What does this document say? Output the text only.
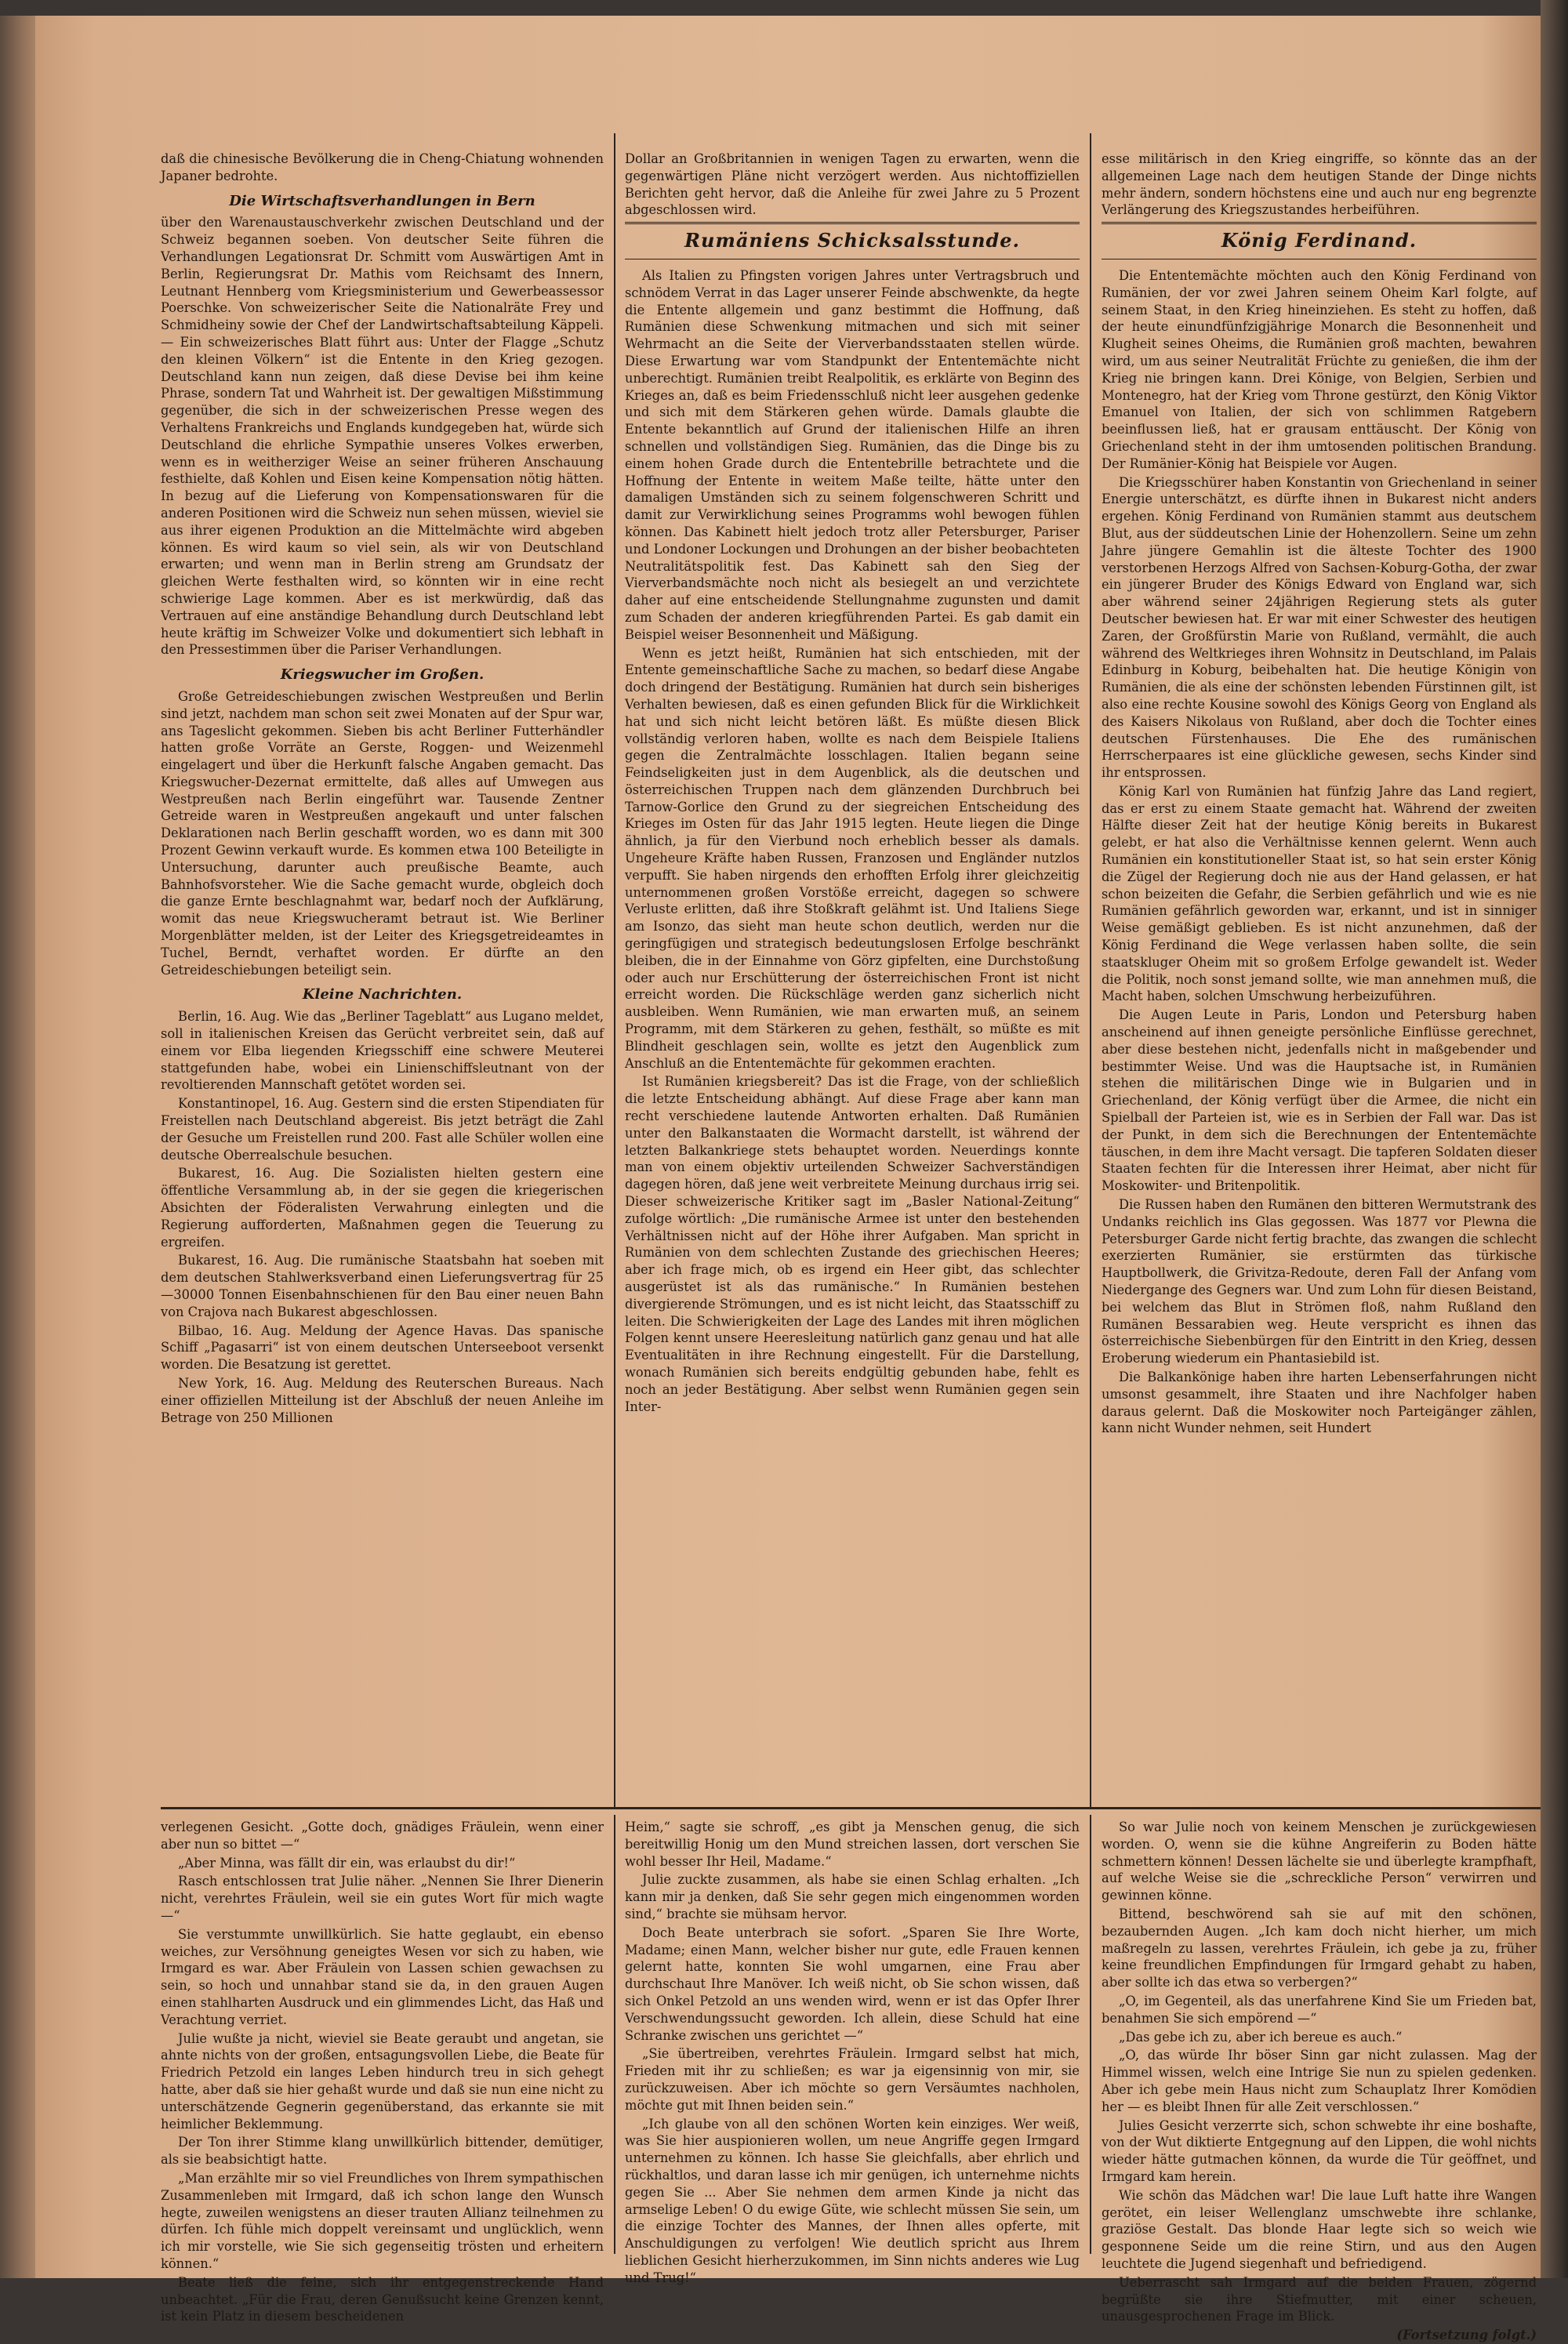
daß die chinesische Bevölkerung die in Cheng-Chiatung wohnenden Japaner bedrohte.

Die Wirtschaftsverhandlungen in Bern

über den Warenaustauschverkehr zwischen Deutschland und der Schweiz begannen soeben. Von deutscher Seite führen die Verhandlungen Legationsrat Dr. Schmitt vom Auswärtigen Amt in Berlin, Regierungsrat Dr. Mathis vom Reichsamt des Innern, Leutnant Hennberg vom Kriegsministerium und Gewerbeassessor Poerschke. Von schweizerischer Seite die Nationalräte Frey und Schmidheiny sowie der Chef der Landwirtschaftsabteilung Käppeli. — Ein schweizerisches Blatt führt aus: Unter der Flagge „Schutz den kleinen Völkern“ ist die Entente in den Krieg gezogen. Deutschland kann nun zeigen, daß diese Devise bei ihm keine Phrase, sondern Tat und Wahrheit ist. Der gewaltigen Mißstimmung gegenüber, die sich in der schweizerischen Presse wegen des Verhaltens Frankreichs und Englands kundgegeben hat, würde sich Deutschland die ehrliche Sympathie unseres Volkes erwerben, wenn es in weitherziger Weise an seiner früheren Anschauung festhielte, daß Kohlen und Eisen keine Kompensation nötig hätten. In bezug auf die Lieferung von Kompensationswaren für die anderen Positionen wird die Schweiz nun sehen müssen, wieviel sie aus ihrer eigenen Produktion an die Mittelmächte wird abgeben können. Es wird kaum so viel sein, als wir von Deutschland erwarten; und wenn man in Berlin streng am Grundsatz der gleichen Werte festhalten wird, so könnten wir in eine recht schwierige Lage kommen. Aber es ist merkwürdig, daß das Vertrauen auf eine anständige Behandlung durch Deutschland lebt heute kräftig im Schweizer Volke und dokumentiert sich lebhaft in den Pressestimmen über die Pariser Verhandlungen.

Kriegswucher im Großen.

Große Getreideschiebungen zwischen Westpreußen und Berlin sind jetzt, nachdem man schon seit zwei Monaten auf der Spur war, ans Tageslicht gekommen. Sieben bis acht Berliner Futterhändler hatten große Vorräte an Gerste, Roggen- und Weizenmehl eingelagert und über die Herkunft falsche Angaben gemacht. Das Kriegswucher-Dezernat ermittelte, daß alles auf Umwegen aus Westpreußen nach Berlin eingeführt war. Tausende Zentner Getreide waren in Westpreußen angekauft und unter falschen Deklarationen nach Berlin geschafft worden, wo es dann mit 300 Prozent Gewinn verkauft wurde. Es kommen etwa 100 Beteiligte in Untersuchung, darunter auch preußische Beamte, auch Bahnhofsvorsteher. Wie die Sache gemacht wurde, obgleich doch die ganze Ernte beschlagnahmt war, bedarf noch der Aufklärung, womit das neue Kriegswucheramt betraut ist. Wie Berliner Morgenblätter melden, ist der Leiter des Kriegsgetreideamtes in Tuchel, Berndt, verhaftet worden. Er dürfte an den Getreideschiebungen beteiligt sein.

Kleine Nachrichten.

Berlin, 16. Aug. Wie das „Berliner Tageblatt“ aus Lugano meldet, soll in italienischen Kreisen das Gerücht verbreitet sein, daß auf einem vor Elba liegenden Kriegsschiff eine schwere Meuterei stattgefunden habe, wobei ein Linienschiffsleutnant von der revoltierenden Mannschaft getötet worden sei.

Konstantinopel, 16. Aug. Gestern sind die ersten Stipendiaten für Freistellen nach Deutschland abgereist. Bis jetzt beträgt die Zahl der Gesuche um Freistellen rund 200. Fast alle Schüler wollen eine deutsche Oberrealschule besuchen.

Bukarest, 16. Aug. Die Sozialisten hielten gestern eine öffentliche Versammlung ab, in der sie gegen die kriegerischen Absichten der Föderalisten Verwahrung einlegten und die Regierung aufforderten, Maßnahmen gegen die Teuerung zu ergreifen.

Bukarest, 16. Aug. Die rumänische Staatsbahn hat soeben mit dem deutschen Stahlwerksverband einen Lieferungsvertrag für 25—30000 Tonnen Eisenbahnschienen für den Bau einer neuen Bahn von Crajova nach Bukarest abgeschlossen.

Bilbao, 16. Aug. Meldung der Agence Havas. Das spanische Schiff „Pagasarri“ ist von einem deutschen Unterseeboot versenkt worden. Die Besatzung ist gerettet.

New York, 16. Aug. Meldung des Reuterschen Bureaus. Nach einer offiziellen Mitteilung ist der Abschluß der neuen Anleihe im Betrage von 250 Millionen

Dollar an Großbritannien in wenigen Tagen zu erwarten, wenn die gegenwärtigen Pläne nicht verzögert werden. Aus nichtoffiziellen Berichten geht hervor, daß die Anleihe für zwei Jahre zu 5 Prozent abgeschlossen wird.

Rumäniens Schicksalsstunde.

Als Italien zu Pfingsten vorigen Jahres unter Vertragsbruch und schnödem Verrat in das Lager unserer Feinde abschwenkte, da hegte die Entente allgemein und ganz bestimmt die Hoffnung, daß Rumänien diese Schwenkung mitmachen und sich mit seiner Wehrmacht an die Seite der Vierverbandsstaaten stellen würde. Diese Erwartung war vom Standpunkt der Ententemächte nicht unberechtigt. Rumänien treibt Realpolitik, es erklärte von Beginn des Krieges an, daß es beim Friedensschluß nicht leer ausgehen gedenke und sich mit dem Stärkeren gehen würde. Damals glaubte die Entente bekanntlich auf Grund der italienischen Hilfe an ihren schnellen und vollständigen Sieg. Rumänien, das die Dinge bis zu einem hohen Grade durch die Ententebrille betrachtete und die Hoffnung der Entente in weitem Maße teilte, hätte unter den damaligen Umständen sich zu seinem folgenschweren Schritt und damit zur Verwirklichung seines Programms wohl bewogen fühlen können. Das Kabinett hielt jedoch trotz aller Petersburger, Pariser und Londoner Lockungen und Drohungen an der bisher beobachteten Neutralitätspolitik fest. Das Kabinett sah den Sieg der Vierverbandsmächte noch nicht als besiegelt an und verzichtete daher auf eine entscheidende Stellungnahme zugunsten und damit zum Schaden der anderen kriegführenden Partei. Es gab damit ein Beispiel weiser Besonnenheit und Mäßigung.

Wenn es jetzt heißt, Rumänien hat sich entschieden, mit der Entente gemeinschaftliche Sache zu machen, so bedarf diese Angabe doch dringend der Bestätigung. Rumänien hat durch sein bisheriges Verhalten bewiesen, daß es einen gefunden Blick für die Wirklichkeit hat und sich nicht leicht betören läßt. Es müßte diesen Blick vollständig verloren haben, wollte es nach dem Beispiele Italiens gegen die Zentralmächte losschlagen. Italien begann seine Feindseligkeiten just in dem Augenblick, als die deutschen und österreichischen Truppen nach dem glänzenden Durchbruch bei Tarnow-Gorlice den Grund zu der siegreichen Entscheidung des Krieges im Osten für das Jahr 1915 legten. Heute liegen die Dinge ähnlich, ja für den Vierbund noch erheblich besser als damals. Ungeheure Kräfte haben Russen, Franzosen und Engländer nutzlos verpufft. Sie haben nirgends den erhofften Erfolg ihrer gleichzeitig unternommenen großen Vorstöße erreicht, dagegen so schwere Verluste erlitten, daß ihre Stoßkraft gelähmt ist. Und Italiens Siege am Isonzo, das sieht man heute schon deutlich, werden nur die geringfügigen und strategisch bedeutungslosen Erfolge beschränkt bleiben, die in der Einnahme von Görz gipfelten, eine Durchstoßung oder auch nur Erschütterung der österreichischen Front ist nicht erreicht worden. Die Rückschläge werden ganz sicherlich nicht ausbleiben. Wenn Rumänien, wie man erwarten muß, an seinem Programm, mit dem Stärkeren zu gehen, festhält, so müßte es mit Blindheit geschlagen sein, wollte es jetzt den Augenblick zum Anschluß an die Ententemächte für gekommen erachten.

Ist Rumänien kriegsbereit? Das ist die Frage, von der schließlich die letzte Entscheidung abhängt. Auf diese Frage aber kann man recht verschiedene lautende Antworten erhalten. Daß Rumänien unter den Balkanstaaten die Wormacht darstellt, ist während der letzten Balkankriege stets behauptet worden. Neuerdings konnte man von einem objektiv urteilenden Schweizer Sachverständigen dagegen hören, daß jene weit verbreitete Meinung durchaus irrig sei. Dieser schweizerische Kritiker sagt im „Basler National-Zeitung“ zufolge wörtlich: „Die rumänische Armee ist unter den bestehenden Verhältnissen nicht auf der Höhe ihrer Aufgaben. Man spricht in Rumänien von dem schlechten Zustande des griechischen Heeres; aber ich frage mich, ob es irgend ein Heer gibt, das schlechter ausgerüstet ist als das rumänische.“ In Rumänien bestehen divergierende Strömungen, und es ist nicht leicht, das Staatsschiff zu leiten. Die Schwierigkeiten der Lage des Landes mit ihren möglichen Folgen kennt unsere Heeresleitung natürlich ganz genau und hat alle Eventualitäten in ihre Rechnung eingestellt. Für die Darstellung, wonach Rumänien sich bereits endgültig gebunden habe, fehlt es noch an jeder Bestätigung. Aber selbst wenn Rumänien gegen sein Inter-

esse militärisch in den Krieg eingriffe, so könnte das an der allgemeinen Lage nach dem heutigen Stande der Dinge nichts mehr ändern, sondern höchstens eine und auch nur eng begrenzte Verlängerung des Kriegszustandes herbeiführen.

König Ferdinand.

Die Ententemächte möchten auch den König Ferdinand von Rumänien, der vor zwei Jahren seinem Oheim Karl folgte, auf seinem Staat, in den Krieg hineinziehen. Es steht zu hoffen, daß der heute einundfünfzigjährige Monarch die Besonnenheit und Klugheit seines Oheims, die Rumänien groß machten, bewahren wird, um aus seiner Neutralität Früchte zu genießen, die ihm der Krieg nie bringen kann. Drei Könige, von Belgien, Serbien und Montenegro, hat der Krieg vom Throne gestürzt, den König Viktor Emanuel von Italien, der sich von schlimmen Ratgebern beeinflussen ließ, hat er grausam enttäuscht. Der König von Griechenland steht in der ihm umtosenden politischen Brandung. Der Rumänier-König hat Beispiele vor Augen.

Die Kriegsschürer haben Konstantin von Griechenland in seiner Energie unterschätzt, es dürfte ihnen in Bukarest nicht anders ergehen. König Ferdinand von Rumänien stammt aus deutschem Blut, aus der süddeutschen Linie der Hohenzollern. Seine um zehn Jahre jüngere Gemahlin ist die älteste Tochter des 1900 verstorbenen Herzogs Alfred von Sachsen-Koburg-Gotha, der zwar ein jüngerer Bruder des Königs Edward von England war, sich aber während seiner 24jährigen Regierung stets als guter Deutscher bewiesen hat. Er war mit einer Schwester des heutigen Zaren, der Großfürstin Marie von Rußland, vermählt, die auch während des Weltkrieges ihren Wohnsitz in Deutschland, im Palais Edinburg in Koburg, beibehalten hat. Die heutige Königin von Rumänien, die als eine der schönsten lebenden Fürstinnen gilt, ist also eine rechte Kousine sowohl des Königs Georg von England als des Kaisers Nikolaus von Rußland, aber doch die Tochter eines deutschen Fürstenhauses. Die Ehe des rumänischen Herrscherpaares ist eine glückliche gewesen, sechs Kinder sind ihr entsprossen.

König Karl von Rumänien hat fünfzig Jahre das Land regiert, das er erst zu einem Staate gemacht hat. Während der zweiten Hälfte dieser Zeit hat der heutige König bereits in Bukarest gelebt, er hat also die Verhältnisse kennen gelernt. Wenn auch Rumänien ein konstitutioneller Staat ist, so hat sein erster König die Zügel der Regierung doch nie aus der Hand gelassen, er hat schon beizeiten die Gefahr, die Serbien gefährlich und wie es nie Rumänien gefährlich geworden war, erkannt, und ist in sinniger Weise gemäßigt geblieben. Es ist nicht anzunehmen, daß der König Ferdinand die Wege verlassen haben sollte, die sein staatskluger Oheim mit so großem Erfolge gewandelt ist. Weder die Politik, noch sonst jemand sollte, wie man annehmen muß, die Macht haben, solchen Umschwung herbeizuführen.

Die Augen Leute in Paris, London und Petersburg haben anscheinend auf ihnen geneigte persönliche Einflüsse gerechnet, aber diese bestehen nicht, jedenfalls nicht in maßgebender und bestimmter Weise. Und was die Hauptsache ist, in Rumänien stehen die militärischen Dinge wie in Bulgarien und in Griechenland, der König verfügt über die Armee, die nicht ein Spielball der Parteien ist, wie es in Serbien der Fall war. Das ist der Punkt, in dem sich die Berechnungen der Ententemächte täuschen, in dem ihre Macht versagt. Die tapferen Soldaten dieser Staaten fechten für die Interessen ihrer Heimat, aber nicht für Moskowiter- und Britenpolitik.

Die Russen haben den Rumänen den bitteren Wermutstrank des Undanks reichlich ins Glas gegossen. Was 1877 vor Plewna die Petersburger Garde nicht fertig brachte, das zwangen die schlecht exerzierten Rumänier, sie erstürmten das türkische Hauptbollwerk, die Grivitza-Redoute, deren Fall der Anfang vom Niedergange des Gegners war. Und zum Lohn für diesen Beistand, bei welchem das Blut in Strömen floß, nahm Rußland den Rumänen Bessarabien weg. Heute verspricht es ihnen das österreichische Siebenbürgen für den Eintritt in den Krieg, dessen Eroberung wiederum ein Phantasiebild ist.

Die Balkankönige haben ihre harten Lebenserfahrungen nicht umsonst gesammelt, ihre Staaten und ihre Nachfolger haben daraus gelernt. Daß die Moskowiter noch Parteigänger zählen, kann nicht Wunder nehmen, seit Hundert

verlegenen Gesicht. „Gotte doch, gnädiges Fräulein, wenn einer aber nun so bittet —“

„Aber Minna, was fällt dir ein, was erlaubst du dir!“

Rasch entschlossen trat Julie näher. „Nennen Sie Ihrer Dienerin nicht, verehrtes Fräulein, weil sie ein gutes Wort für mich wagte —“

Sie verstummte unwillkürlich. Sie hatte geglaubt, ein ebenso weiches, zur Versöhnung geneigtes Wesen vor sich zu haben, wie Irmgard es war. Aber Fräulein von Lassen schien gewachsen zu sein, so hoch und unnahbar stand sie da, in den grauen Augen einen stahlharten Ausdruck und ein glimmendes Licht, das Haß und Verachtung verriet.

Julie wußte ja nicht, wieviel sie Beate geraubt und angetan, sie ahnte nichts von der großen, entsagungsvollen Liebe, die Beate für Friedrich Petzold ein langes Leben hindurch treu in sich gehegt hatte, aber daß sie hier gehaßt wurde und daß sie nun eine nicht zu unterschätzende Gegnerin gegenüberstand, das erkannte sie mit heimlicher Beklemmung.

Der Ton ihrer Stimme klang unwillkürlich bittender, demütiger, als sie beabsichtigt hatte.

„Man erzählte mir so viel Freundliches von Ihrem sympathischen Zusammenleben mit Irmgard, daß ich schon lange den Wunsch hegte, zuweilen wenigstens an dieser trauten Allianz teilnehmen zu dürfen. Ich fühle mich doppelt vereinsamt und unglücklich, wenn ich mir vorstelle, wie Sie sich gegenseitig trösten und erheitern können.“

Beate ließ die feine, sich ihr entgegenstreckende Hand unbeachtet. „Für die Frau, deren Genußsucht keine Grenzen kennt, ist kein Platz in diesem bescheidenen

Heim,“ sagte sie schroff, „es gibt ja Menschen genug, die sich bereitwillig Honig um den Mund streichen lassen, dort verschen Sie wohl besser Ihr Heil, Madame.“

Julie zuckte zusammen, als habe sie einen Schlag erhalten. „Ich kann mir ja denken, daß Sie sehr gegen mich eingenommen worden sind,“ brachte sie mühsam hervor.

Doch Beate unterbrach sie sofort. „Sparen Sie Ihre Worte, Madame; einen Mann, welcher bisher nur gute, edle Frauen kennen gelernt hatte, konnten Sie wohl umgarnen, eine Frau aber durchschaut Ihre Manöver. Ich weiß nicht, ob Sie schon wissen, daß sich Onkel Petzold an uns wenden wird, wenn er ist das Opfer Ihrer Verschwendungssucht geworden. Ich allein, diese Schuld hat eine Schranke zwischen uns gerichtet —“

„Sie übertreiben, verehrtes Fräulein. Irmgard selbst hat mich, Frieden mit ihr zu schließen; es war ja eigensinnig von mir, sie zurückzuweisen. Aber ich möchte so gern Versäumtes nachholen, möchte gut mit Ihnen beiden sein.“

„Ich glaube von all den schönen Worten kein einziges. Wer weiß, was Sie hier auspionieren wollen, um neue Angriffe gegen Irmgard unternehmen zu können. Ich hasse Sie gleichfalls, aber ehrlich und rückhaltlos, und daran lasse ich mir genügen, ich unternehme nichts gegen Sie ... Aber Sie nehmen dem armen Kinde ja nicht das armselige Leben! O du ewige Güte, wie schlecht müssen Sie sein, um die einzige Tochter des Mannes, der Ihnen alles opferte, mit Anschuldigungen zu verfolgen! Wie deutlich spricht aus Ihrem lieblichen Gesicht hierherzukommen, im Sinn nichts anderes wie Lug und Trug!“

So war Julie noch von keinem Menschen je zurückgewiesen worden. O, wenn sie die kühne Angreiferin zu Boden hätte schmettern können! Dessen lächelte sie und überlegte krampfhaft, auf welche Weise sie die „schreckliche Person“ verwirren und gewinnen könne.

Bittend, beschwörend sah sie auf mit den schönen, bezaubernden Augen. „Ich kam doch nicht hierher, um mich maßregeln zu lassen, verehrtes Fräulein, ich gebe ja zu, früher keine freundlichen Empfindungen für Irmgard gehabt zu haben, aber sollte ich das etwa so verbergen?“

„O, im Gegenteil, als das unerfahrene Kind Sie um Frieden bat, benahmen Sie sich empörend —“

„Das gebe ich zu, aber ich bereue es auch.“

„O, das würde Ihr böser Sinn gar nicht zulassen. Mag der Himmel wissen, welch eine Intrige Sie nun zu spielen gedenken. Aber ich gebe mein Haus nicht zum Schauplatz Ihrer Komödien her — es bleibt Ihnen für alle Zeit verschlossen.“

Julies Gesicht verzerrte sich, schon schwebte ihr eine boshafte, von der Wut diktierte Entgegnung auf den Lippen, die wohl nichts wieder hätte gutmachen können, da wurde die Tür geöffnet, und Irmgard kam herein.

Wie schön das Mädchen war! Die laue Luft hatte ihre Wangen gerötet, ein leiser Wellenglanz umschwebte ihre schlanke, graziöse Gestalt. Das blonde Haar legte sich so weich wie gesponnene Seide um die reine Stirn, und aus den Augen leuchtete die Jugend siegenhaft und befriedigend.

Ueberrascht sah Irmgard auf die beiden Frauen, zögernd begrüßte sie ihre Stiefmutter, mit einer scheuen, unausgesprochenen Frage im Blick.

(Fortsetzung folgt.)
